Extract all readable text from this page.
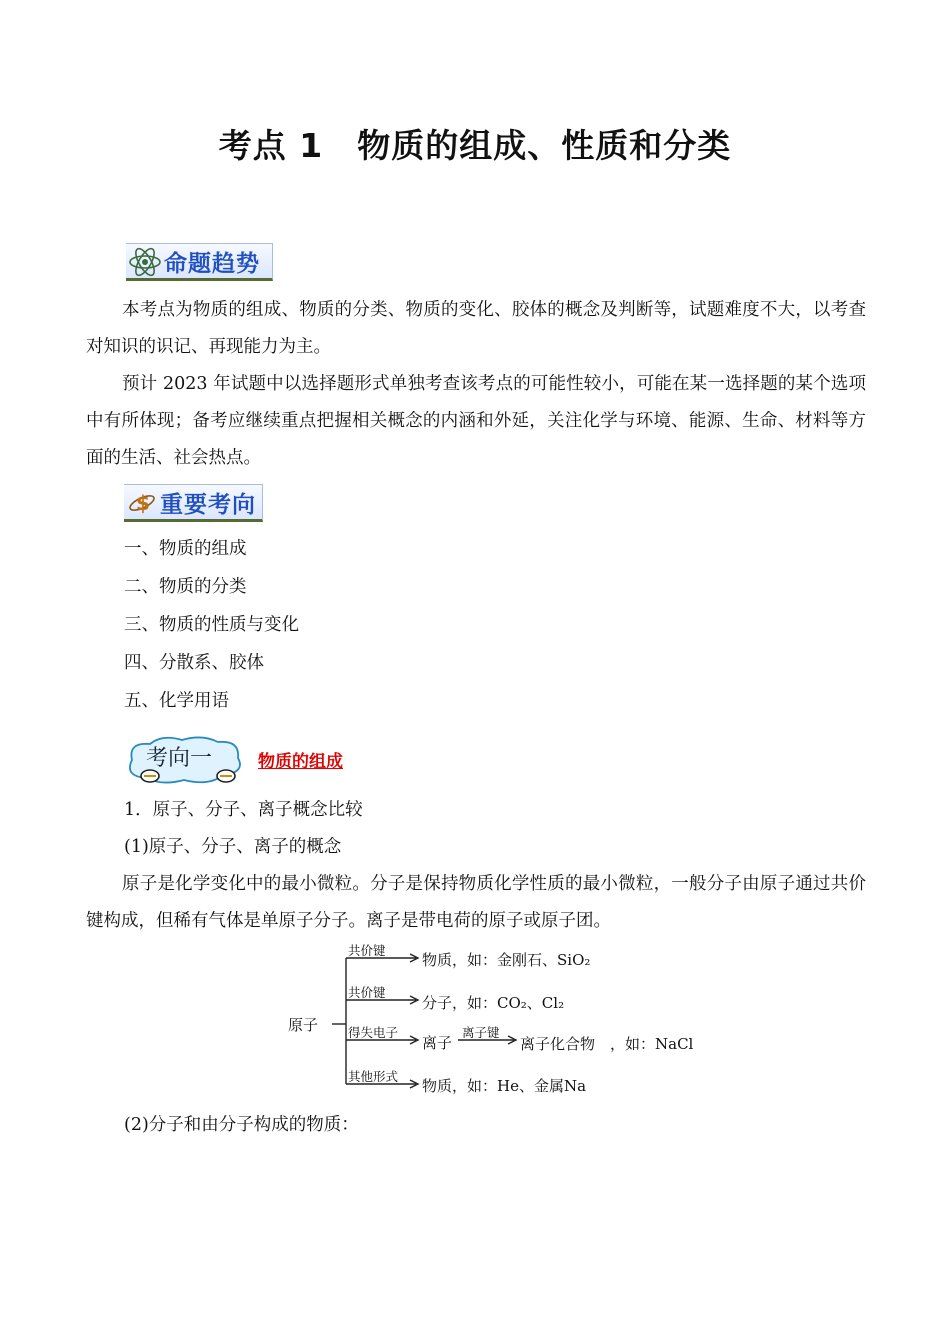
考点 1　物质的组成、性质和分类
命题趋势

本考点为物质的组成、物质的分类、物质的变化、胶体的概念及判断等，试题难度不大，以考查对知识的识记、再现能力为主。

预计 2023 年试题中以选择题形式单独考查该考点的可能性较小，可能在某一选择题的某个选项中有所体现；备考应继续重点把握相关概念的内涵和外延，关注化学与环境、能源、生命、材料等方面的生活、社会热点。

$ 重要考向
一、物质的组成
二、物质的分类
三、物质的性质与变化
四、分散系、胶体
五、化学用语
考向一	物质的组成
1．原子、分子、离子概念比较
(1)原子、分子、离子的概念

原子是化学变化中的最小微粒。分子是保持物质化学性质的最小微粒，一般分子由原子通过共价键构成，但稀有气体是单原子分子。离子是带电荷的原子或原子团。

原子
共价键
物质，如：金刚石、SiO₂
共价键
分子，如：CO₂、Cl₂
得失电子
离子
离子键
离子化合物　，如：NaCl
其他形式
物质，如：He、金属Na
(2)分子和由分子构成的物质：
